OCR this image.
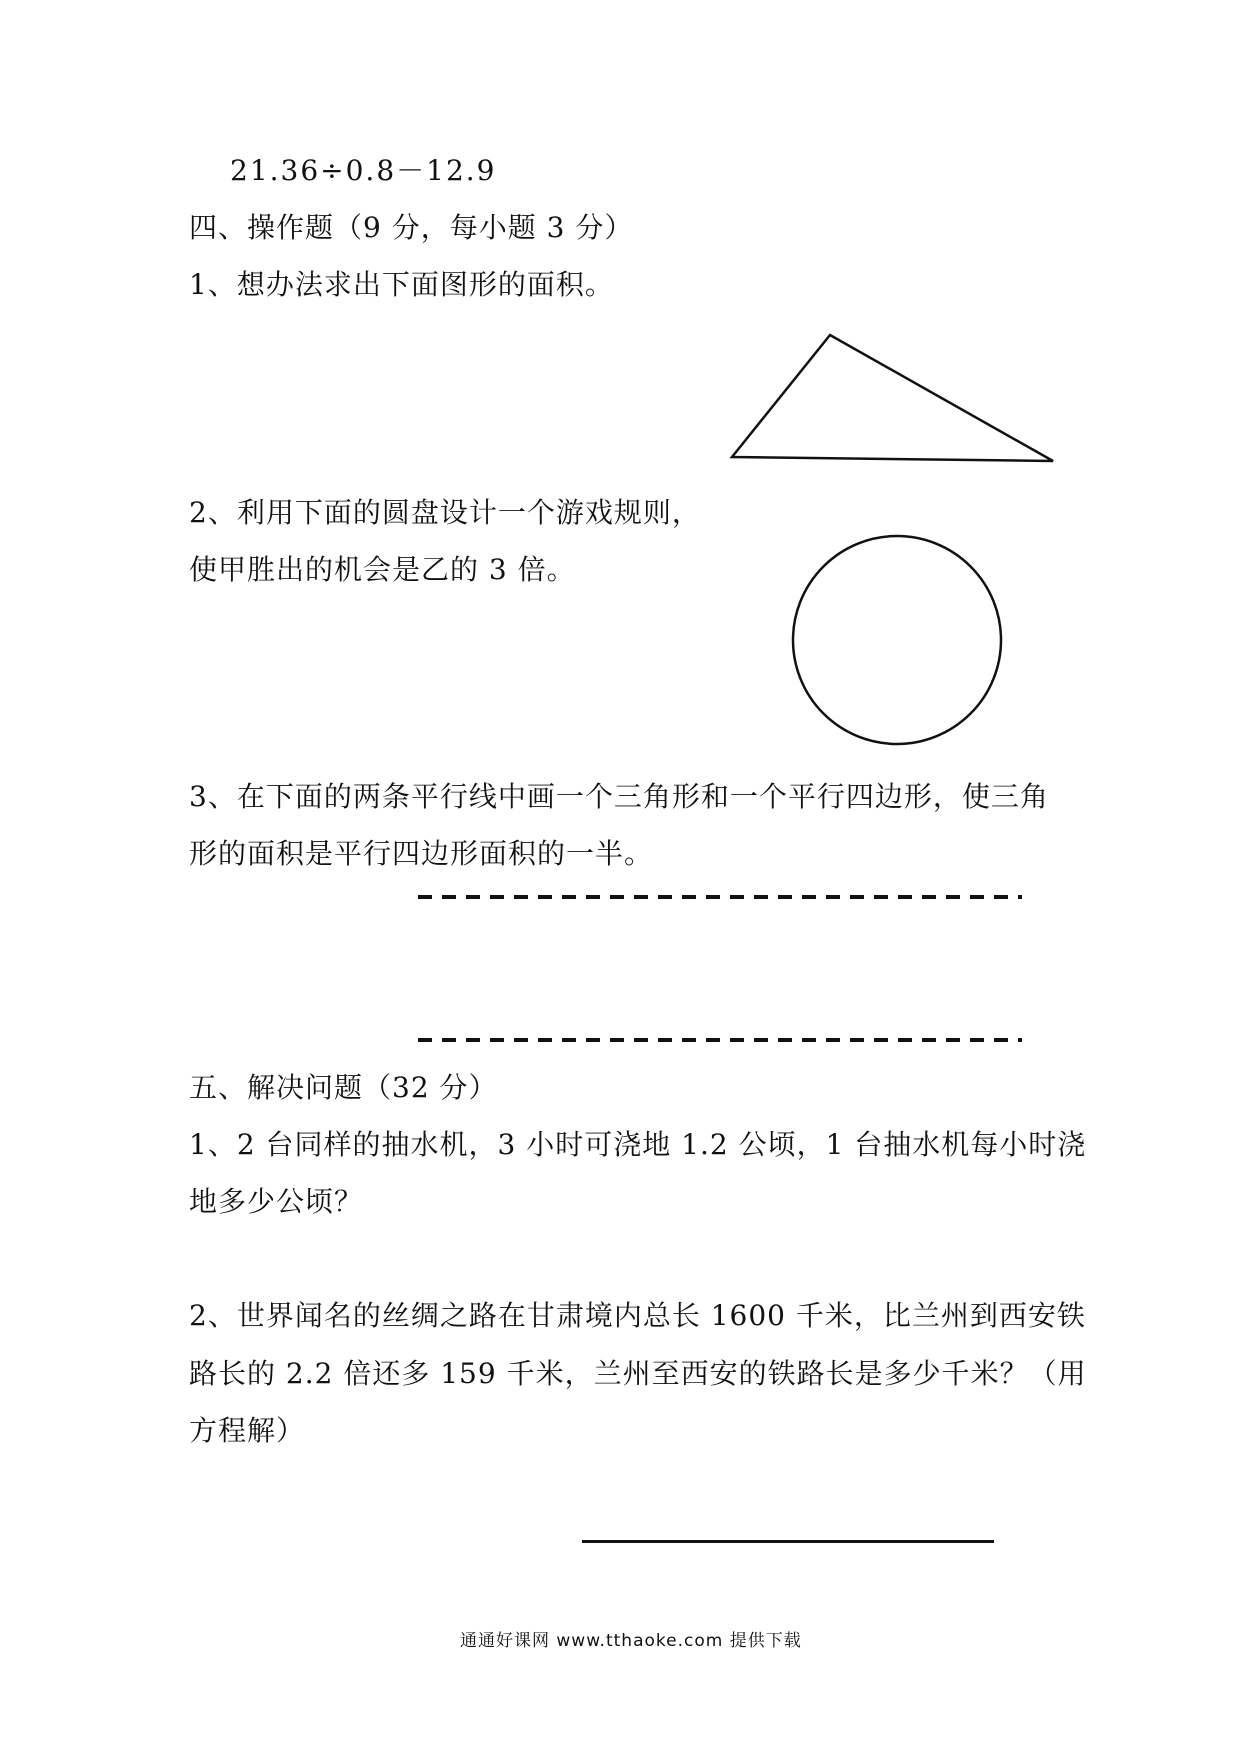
21.36÷0.8－12.9
四、操作题（9 分，每小题 3 分）
1、想办法求出下面图形的面积。
2、利用下面的圆盘设计一个游戏规则，
使甲胜出的机会是乙的 3 倍。
3、在下面的两条平行线中画一个三角形和一个平行四边形，使三角
形的面积是平行四边形面积的一半。
五、解决问题（32 分）
1、2 台同样的抽水机，3 小时可浇地 1.2 公顷，1 台抽水机每小时浇
地多少公顷？
2、世界闻名的丝绸之路在甘肃境内总长 1600 千米，比兰州到西安铁
路长的 2.2 倍还多 159 千米，兰州至西安的铁路长是多少千米？（用
方程解）
通通好课网 www.tthaoke.com 提供下载
